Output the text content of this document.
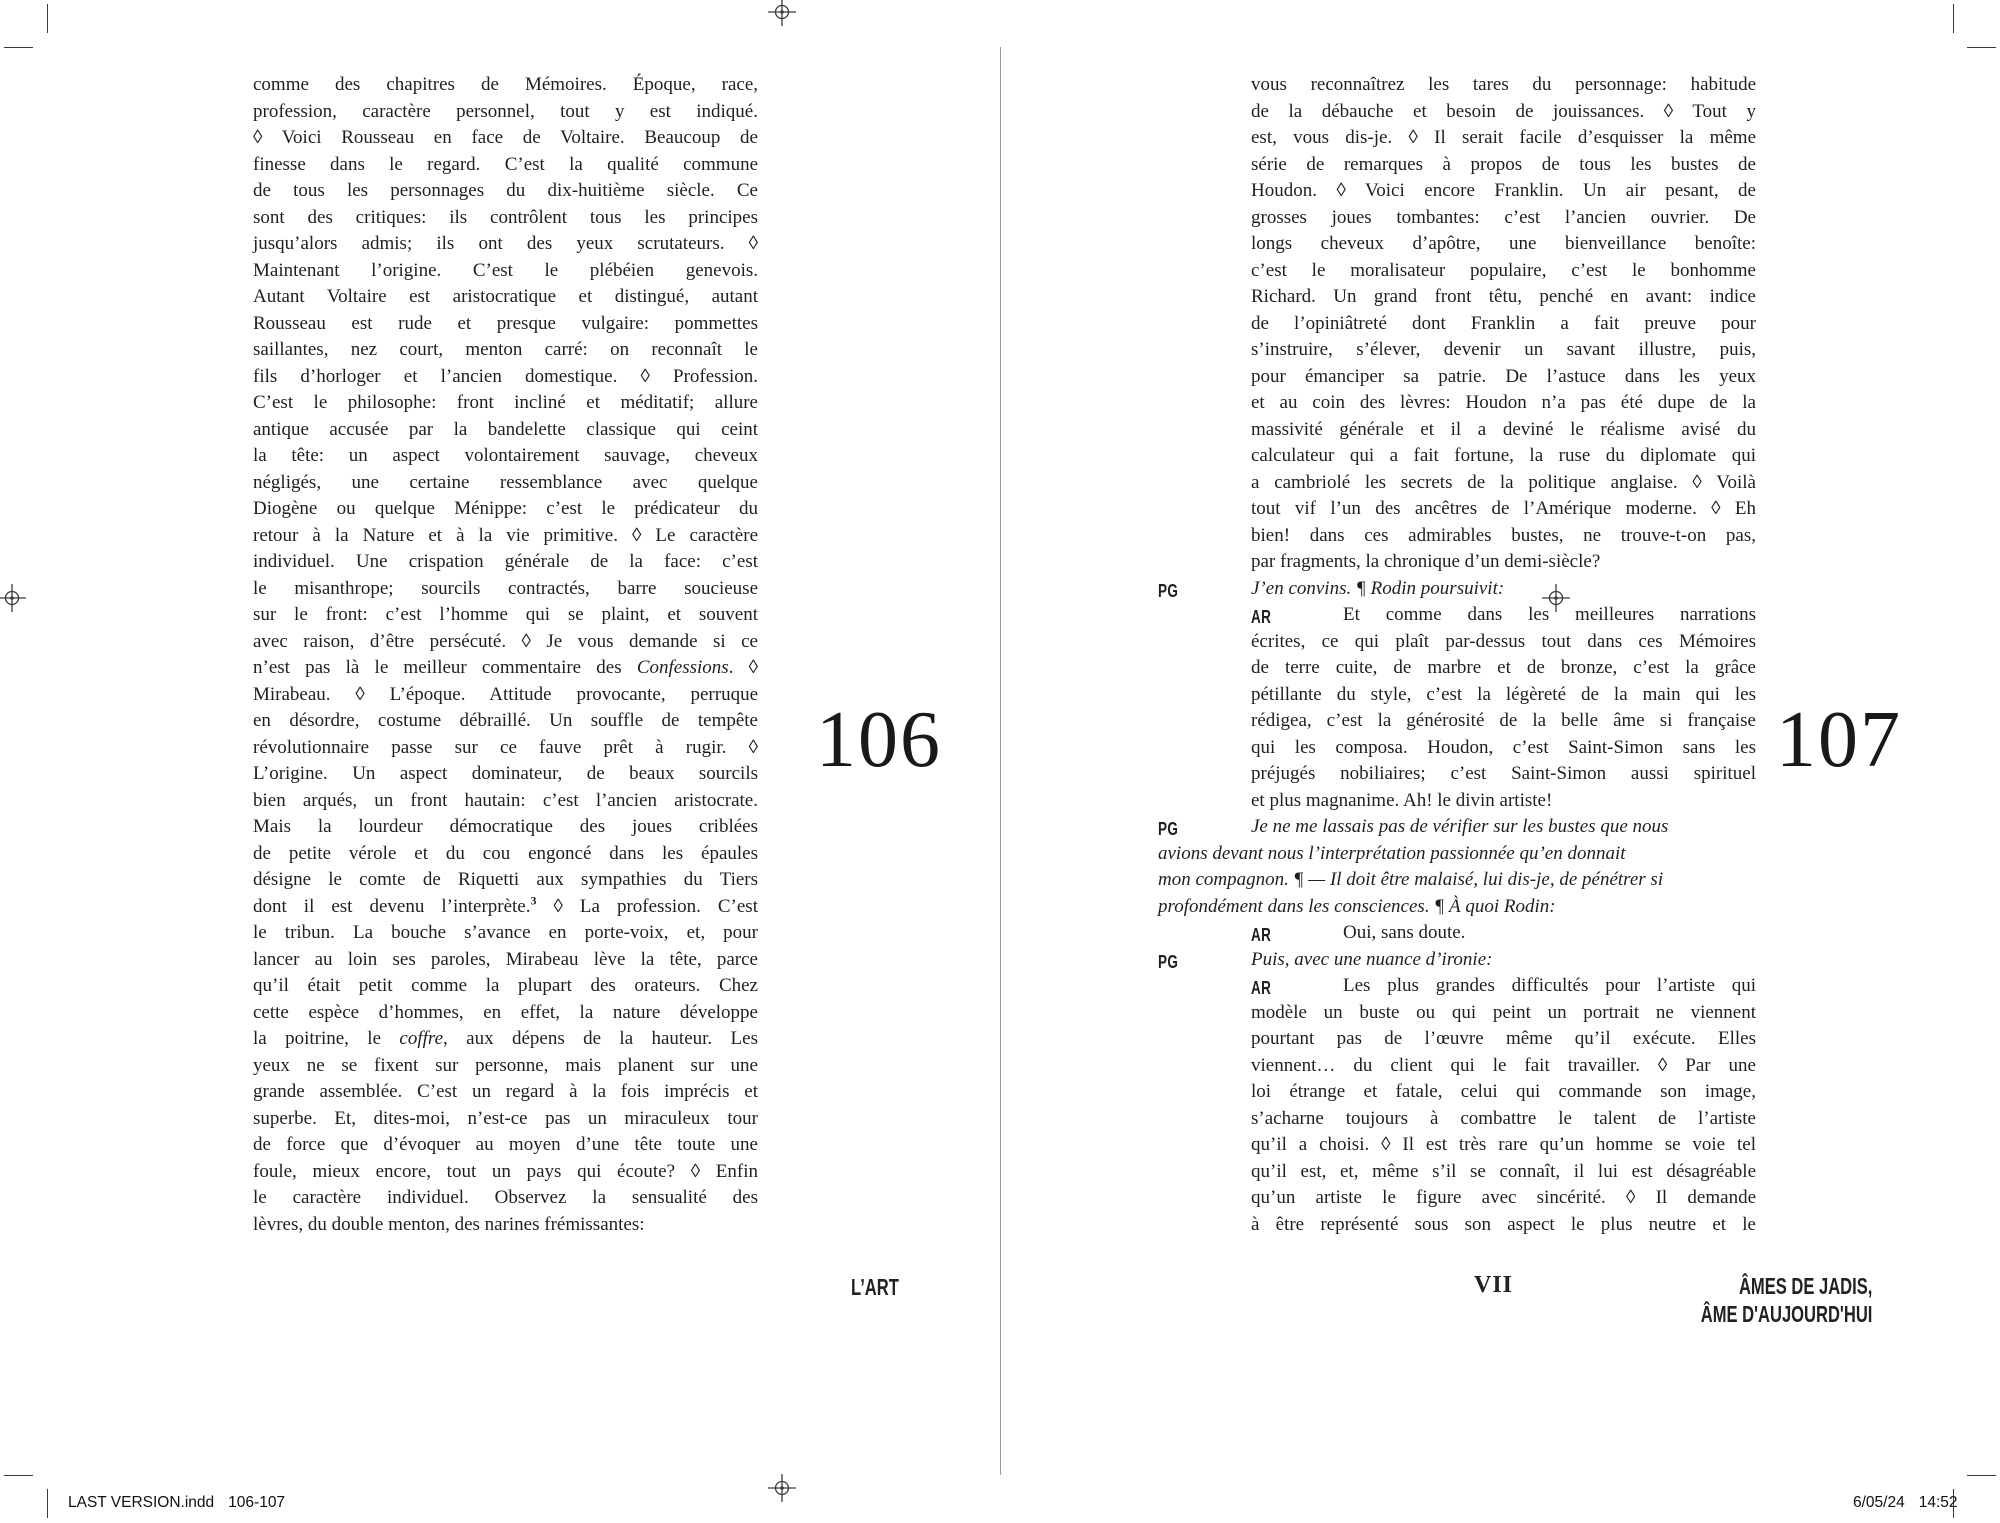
comme des chapitres de Mémoires. Époque, race,
profession, caractère personnel, tout y est indiqué.
◊ Voici Rousseau en face de Voltaire. Beaucoup de
finesse dans le regard. C’est la qualité commune
de tous les personnages du dix-huitième siècle. Ce
sont des critiques: ils contrôlent tous les principes
jusqu’alors admis; ils ont des yeux scrutateurs. ◊
Maintenant l’origine. C’est le plébéien genevois.
Autant Voltaire est aristocratique et distingué, autant
Rousseau est rude et presque vulgaire: pommettes
saillantes, nez court, menton carré: on reconnaît le
fils d’horloger et l’ancien domestique. ◊ Profession.
C’est le philosophe: front incliné et méditatif; allure
antique accusée par la bandelette classique qui ceint
la tête: un aspect volontairement sauvage, cheveux
négligés, une certaine ressemblance avec quelque
Diogène ou quelque Ménippe: c’est le prédicateur du
retour à la Nature et à la vie primitive. ◊ Le caractère
individuel. Une crispation générale de la face: c’est
le misanthrope; sourcils contractés, barre soucieuse
sur le front: c’est l’homme qui se plaint, et souvent
avec raison, d’être persécuté. ◊ Je vous demande si ce
n’est pas là le meilleur commentaire des Confessions. ◊
Mirabeau. ◊ L’époque. Attitude provocante, perruque
en désordre, costume débraillé. Un souffle de tempête
révolutionnaire passe sur ce fauve prêt à rugir. ◊
L’origine. Un aspect dominateur, de beaux sourcils
bien arqués, un front hautain: c’est l’ancien aristocrate.
Mais la lourdeur démocratique des joues criblées
de petite vérole et du cou engoncé dans les épaules
désigne le comte de Riquetti aux sympathies du Tiers
dont il est devenu l’interprète.$^3$ ◊ La profession. C’est
le tribun. La bouche s’avance en porte-voix, et, pour
lancer au loin ses paroles, Mirabeau lève la tête, parce
qu’il était petit comme la plupart des orateurs. Chez
cette espèce d’hommes, en effet, la nature développe
la poitrine, le coffre, aux dépens de la hauteur. Les
yeux ne se fixent sur personne, mais planent sur une
grande assemblée. C’est un regard à la fois imprécis et
superbe. Et, dites-moi, n’est-ce pas un miraculeux tour
de force que d’évoquer au moyen d’une tête toute une
foule, mieux encore, tout un pays qui écoute? ◊ Enfin
le caractère individuel. Observez la sensualité des
lèvres, du double menton, des narines frémissantes:
106
L’ART
vous reconnaîtrez les tares du personnage: habitude
de la débauche et besoin de jouissances. ◊ Tout y
est, vous dis-je. ◊ Il serait facile d’esquisser la même
série de remarques à propos de tous les bustes de
Houdon. ◊ Voici encore Franklin. Un air pesant, de
grosses joues tombantes: c’est l’ancien ouvrier. De
longs cheveux d’apôtre, une bienveillance benoîte:
c’est le moralisateur populaire, c’est le bonhomme
Richard. Un grand front têtu, penché en avant: indice
de l’opiniâtreté dont Franklin a fait preuve pour
s’instruire, s’élever, devenir un savant illustre, puis,
pour émanciper sa patrie. De l’astuce dans les yeux
et au coin des lèvres: Houdon n’a pas été dupe de la
massivité générale et il a deviné le réalisme avisé du
calculateur qui a fait fortune, la ruse du diplomate qui
a cambriolé les secrets de la politique anglaise. ◊ Voilà
tout vif l’un des ancêtres de l’Amérique moderne. ◊ Eh
bien! dans ces admirables bustes, ne trouve-t-on pas,
par fragments, la chronique d’un demi-siècle?
J’en convins. ¶ Rodin poursuivit:
PG
Et comme dans les meilleures narrations
AR
écrites, ce qui plaît par-dessus tout dans ces Mémoires
de terre cuite, de marbre et de bronze, c’est la grâce
pétillante du style, c’est la légèreté de la main qui les
rédigea, c’est la générosité de la belle âme si française
qui les composa. Houdon, c’est Saint-Simon sans les
préjugés nobiliaires; c’est Saint-Simon aussi spirituel
et plus magnanime. Ah! le divin artiste!
Je ne me lassais pas de vérifier sur les bustes que nous
PG
avions devant nous l’interprétation passionnée qu’en donnait
mon compagnon. ¶ — Il doit être malaisé, lui dis-je, de pénétrer si
profondément dans les consciences. ¶ À quoi Rodin:
Oui, sans doute.
AR
Puis, avec une nuance d’ironie:
PG
Les plus grandes difficultés pour l’artiste qui
AR
modèle un buste ou qui peint un portrait ne viennent
pourtant pas de l’œuvre même qu’il exécute. Elles
viennent… du client qui le fait travailler. ◊ Par une
loi étrange et fatale, celui qui commande son image,
s’acharne toujours à combattre le talent de l’artiste
qu’il a choisi. ◊ Il est très rare qu’un homme se voie tel
qu’il est, et, même s’il se connaît, il lui est désagréable
qu’un artiste le figure avec sincérité. ◊ Il demande
à être représenté sous son aspect le plus neutre et le
107
VII	ÂMES DE JADIS,
ÂME D'AUJOURD'HUI
LAST VERSION.indd 106-107	6/05/24 14:52
